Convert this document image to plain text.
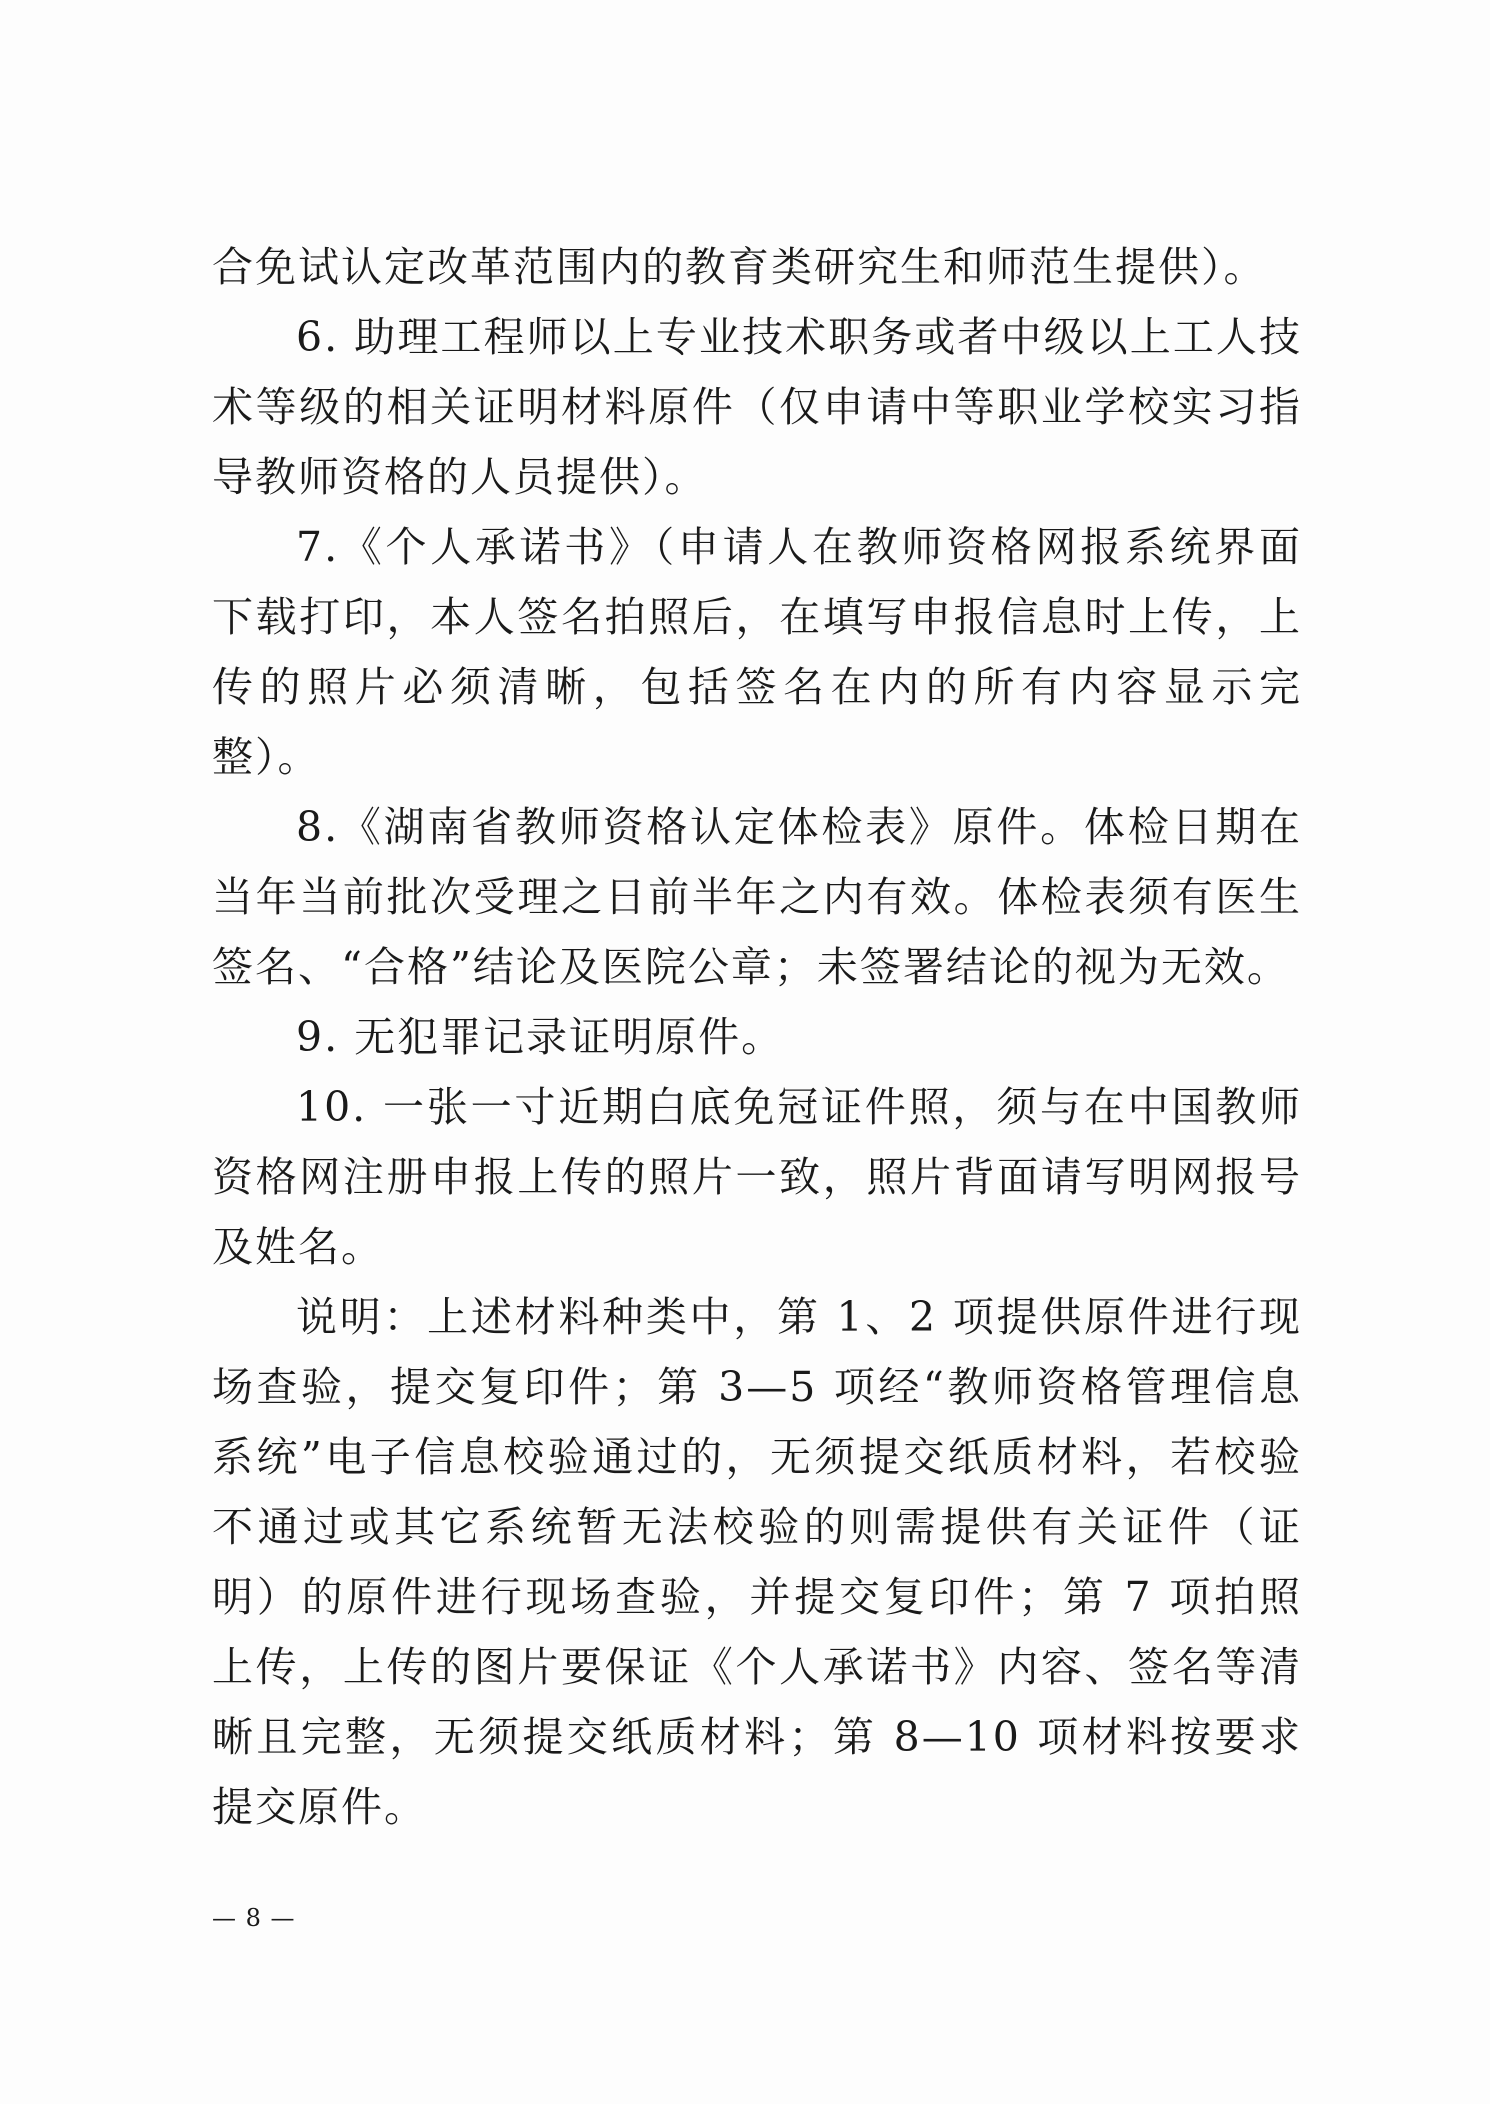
合免试认定改革范围内的教育类研究生和师范生提供）。

6. 助理工程师以上专业技术职务或者中级以上工人技术等级的相关证明材料原件（仅申请中等职业学校实习指导教师资格的人员提供）。

7.《个人承诺书》（申请人在教师资格网报系统界面下载打印，本人签名拍照后，在填写申报信息时上传，上传的照片必须清晰，包括签名在内的所有内容显示完整）。

8.《湖南省教师资格认定体检表》原件。体检日期在当年当前批次受理之日前半年之内有效。体检表须有医生签名、“合格”结论及医院公章；未签署结论的视为无效。

9. 无犯罪记录证明原件。

10. 一张一寸近期白底免冠证件照，须与在中国教师资格网注册申报上传的照片一致，照片背面请写明网报号及姓名。

说明：上述材料种类中，第 1、2 项提供原件进行现场查验，提交复印件；第 3—5 项经“教师资格管理信息系统”电子信息校验通过的，无须提交纸质材料，若校验不通过或其它系统暂无法校验的则需提供有关证件（证明）的原件进行现场查验，并提交复印件；第 7 项拍照上传，上传的图片要保证《个人承诺书》内容、签名等清晰且完整，无须提交纸质材料；第 8—10 项材料按要求提交原件。

— 8 —
